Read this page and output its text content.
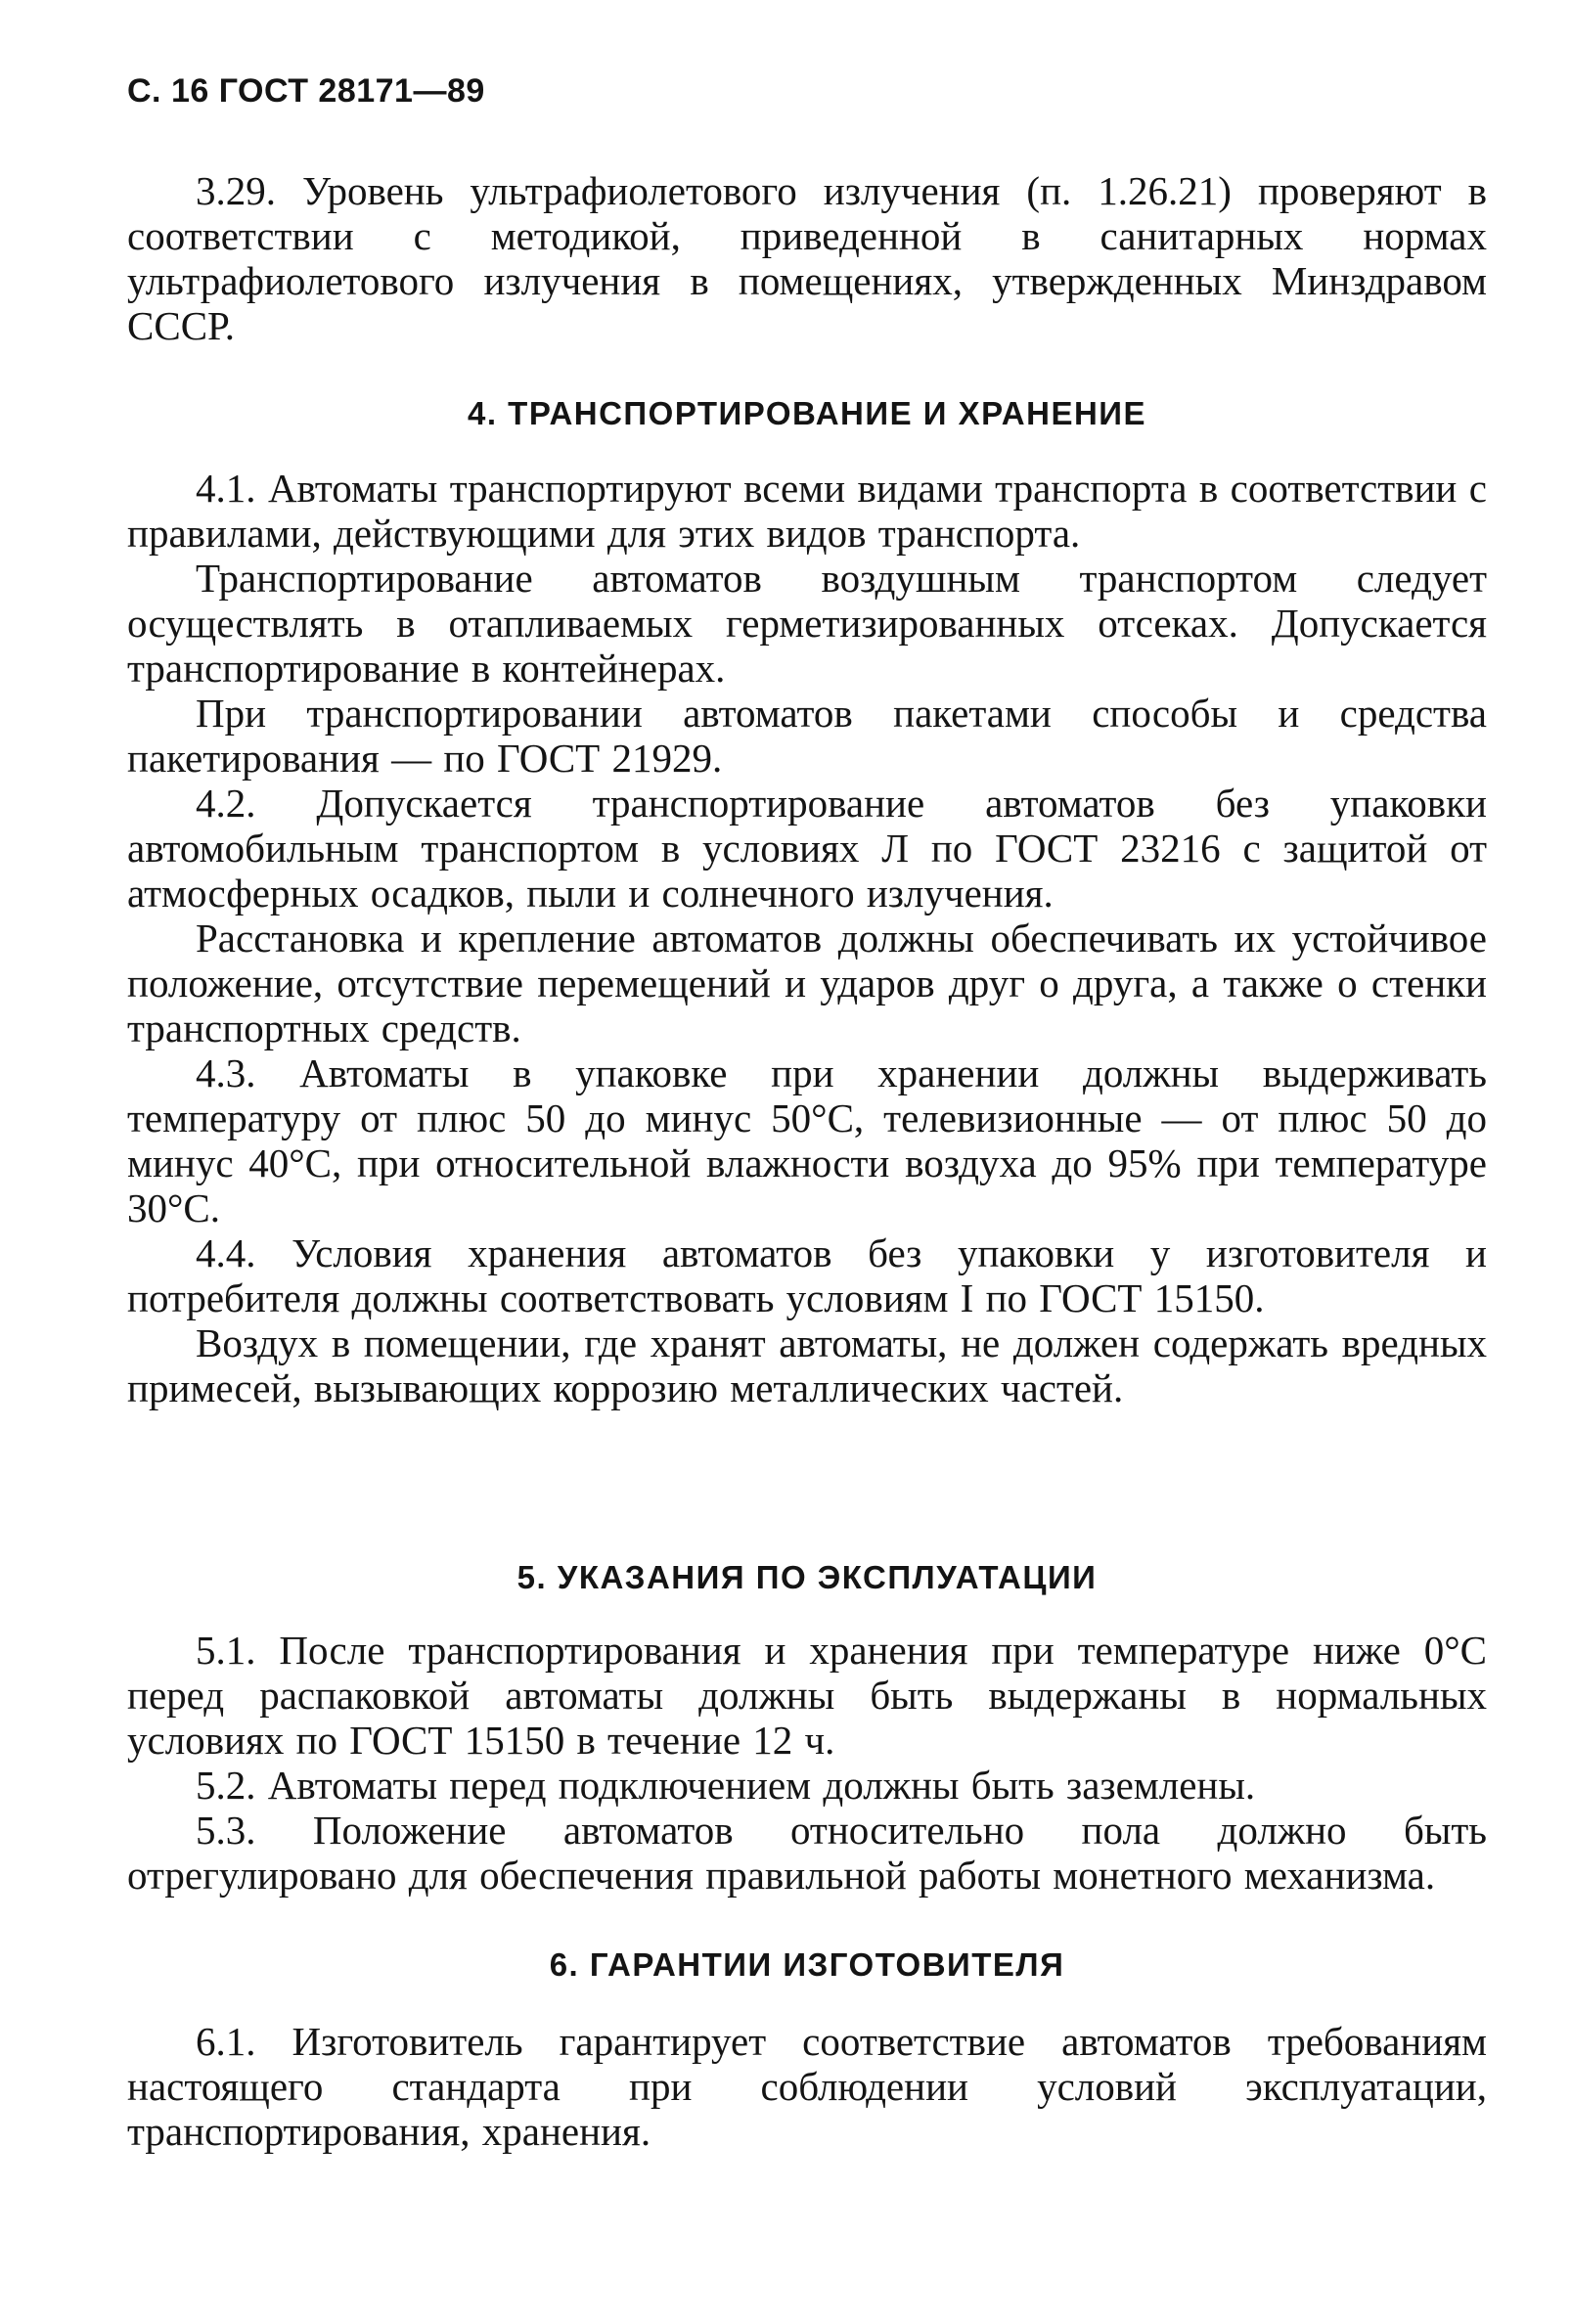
С. 16 ГОСТ 28171—89

3.29. Уровень ультрафиолетового излучения (п. 1.26.21) проверяют в соответствии с методикой, приведенной в санитарных нормах ультрафиолетового излучения в помещениях, утвержденных Минздравом СССР.

4. ТРАНСПОРТИРОВАНИЕ И ХРАНЕНИЕ

4.1. Автоматы транспортируют всеми видами транспорта в соответствии с правилами, действующими для этих видов транспорта.

Транспортирование автоматов воздушным транспортом следует осуществлять в отапливаемых герметизированных отсеках. Допускается транспортирование в контейнерах.

При транспортировании автоматов пакетами способы и средства пакетирования — по ГОСТ 21929.

4.2. Допускается транспортирование автоматов без упаковки автомобильным транспортом в условиях Л по ГОСТ 23216 с защитой от атмосферных осадков, пыли и солнечного излучения.

Расстановка и крепление автоматов должны обеспечивать их устойчивое положение, отсутствие перемещений и ударов друг о друга, а также о стенки транспортных средств.

4.3. Автоматы в упаковке при хранении должны выдерживать температуру от плюс 50 до минус 50°С, телевизионные — от плюс 50 до минус 40°С, при относительной влажности воздуха до 95% при температуре 30°С.

4.4. Условия хранения автоматов без упаковки у изготовителя и потребителя должны соответствовать условиям I по ГОСТ 15150.

Воздух в помещении, где хранят автоматы, не должен содержать вредных примесей, вызывающих коррозию металлических частей.

5. УКАЗАНИЯ ПО ЭКСПЛУАТАЦИИ

5.1. После транспортирования и хранения при температуре ниже 0°С перед распаковкой автоматы должны быть выдержаны в нормальных условиях по ГОСТ 15150 в течение 12 ч.

5.2. Автоматы перед подключением должны быть заземлены.

5.3. Положение автоматов относительно пола должно быть отрегулировано для обеспечения правильной работы монетного механизма.

6. ГАРАНТИИ ИЗГОТОВИТЕЛЯ

6.1. Изготовитель гарантирует соответствие автоматов требованиям настоящего стандарта при соблюдении условий эксплуатации, транспортирования, хранения.
